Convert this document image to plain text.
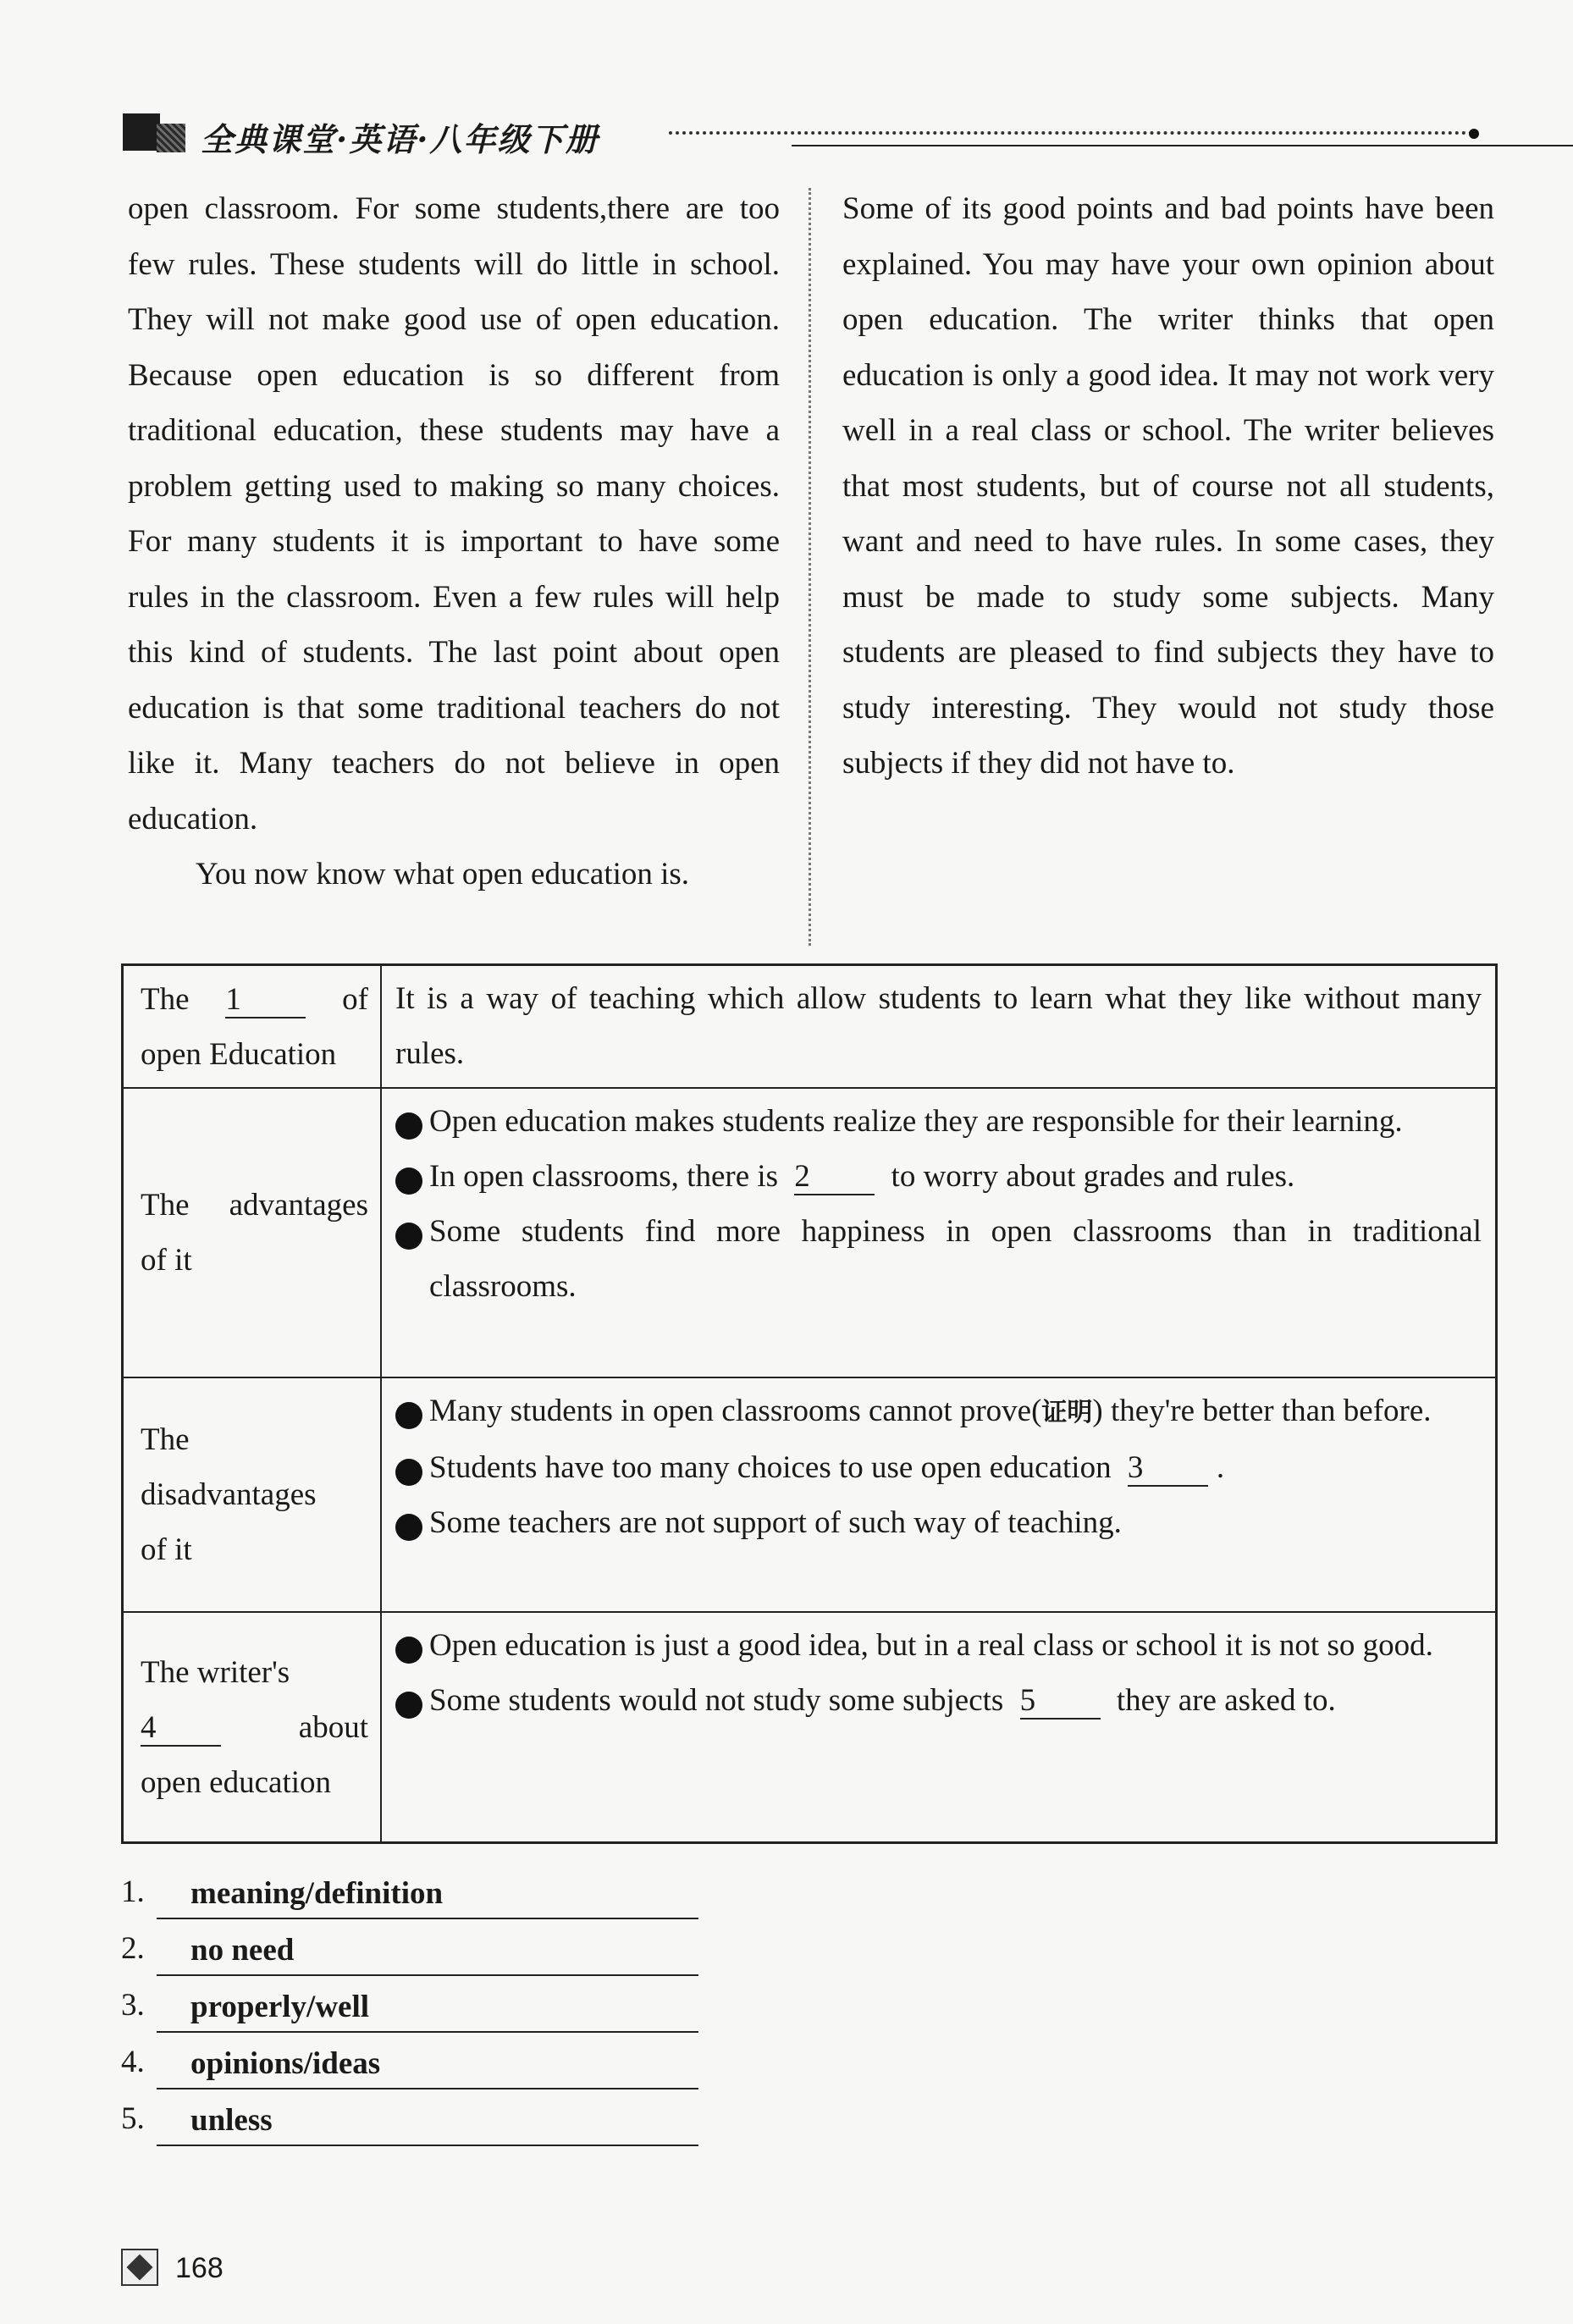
全典课堂·英语·八年级下册

open classroom. For some students,there are too few rules. These students will do little in school. They will not make good use of open education. Because open education is so different from traditional education, these students may have a problem getting used to making so many choices. For many students it is important to have some rules in the classroom. Even a few rules will help this kind of students. The last point about open education is that some traditional teachers do not like it. Many teachers do not believe in open education.

You now know what open education is.

Some of its good points and bad points have been explained. You may have your own opinion about open education. The writer thinks that open education is only a good idea. It may not work very well in a real class or school. The writer believes that most students, but of course not all students, want and need to have rules. In some cases, they must be made to study some subjects. Many students are pleased to find subjects they have to study interesting. They would not study those subjects if they did not have to.

The 1	of
open Education
It is a way of teaching which allow students to learn what they like without many rules.
The advantages of it
Open education makes students realize they are responsible for their learning.
In open classrooms, there is 2	to worry about grades and rules.
Some students find more happiness in open classrooms than in traditional classrooms.
The disadvantages of it
Many students in open classrooms cannot prove(证明) they're better than before.
Students have too many choices to use open education 3 .
Some teachers are not support of such way of teaching.
The writer's
4	about
open education
Open education is just a good idea, but in a real class or school it is not so good.
Some students would not study some subjects 5	they are asked to.
1. meaning/definition
2. no need
3. properly/well
4. opinions/ideas
5. unless
168
